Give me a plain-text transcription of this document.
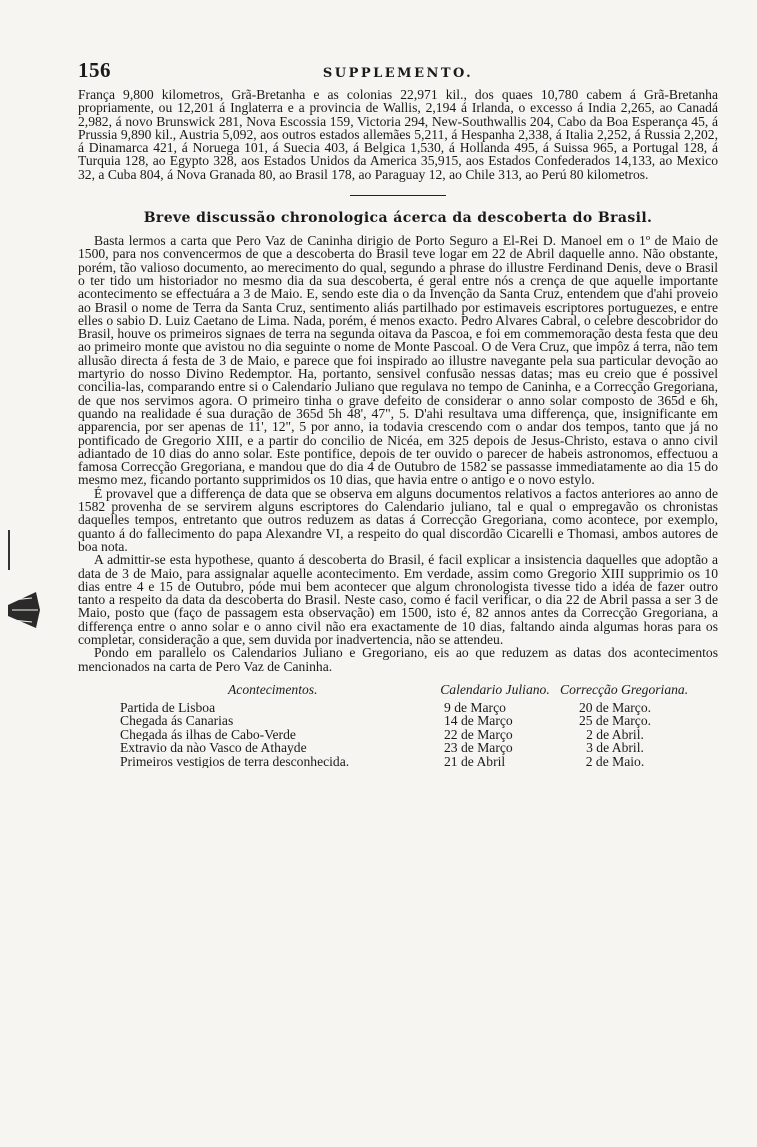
156	SUPPLEMENTO.

França 9,800 kilometros, Grã-Bretanha e as colonias 22,971 kil., dos quaes 10,780 cabem á Grã-Bretanha propriamente, ou 12,201 á Inglaterra e a provincia de Wallis, 2,194 á Irlanda, o excesso á India 2,265, ao Canadá 2,982, á novo Brunswick 281, Nova Escossia 159, Victoria 294, New-Southwallis 204, Cabo da Boa Esperança 45, á Prussia 9,890 kil., Austria 5,092, aos outros estados allemães 5,211, á Hespanha 2,338, á Italia 2,252, á Russia 2,202, á Dinamarca 421, á Noruega 101, á Suecia 403, á Belgica 1,530, á Hollanda 495, á Suissa 965, a Portugal 128, á Turquia 128, ao Egypto 328, aos Estados Unidos da America 35,915, aos Estados Confederados 14,133, ao Mexico 32, a Cuba 804, á Nova Granada 80, ao Brasil 178, ao Paraguay 12, ao Chile 313, ao Perú 80 kilometros.

Breve discussão chronologica ácerca da descoberta do Brasil.

Basta lermos a carta que Pero Vaz de Caninha dirigio de Porto Seguro a El-Rei D. Manoel em o 1º de Maio de 1500, para nos convencermos de que a descoberta do Brasil teve logar em 22 de Abril daquelle anno. Não obstante, porém, tão valioso documento, ao merecimento do qual, segundo a phrase do illustre Ferdinand Denis, deve o Brasil o ter tido um historiador no mesmo dia da sua descoberta, é geral entre nós a crença de que aquelle importante acontecimento se effectuára a 3 de Maio. E, sendo este dia o da Invenção da Santa Cruz, entendem que d'ahi proveio ao Brasil o nome de Terra da Santa Cruz, sentimento aliás partilhado por estimaveis escriptores portuguezes, e entre elles o sabio D. Luiz Caetano de Lima. Nada, porém, é menos exacto. Pedro Alvares Cabral, o celebre descobridor do Brasil, houve os primeiros signaes de terra na segunda oitava da Pascoa, e foi em commemoração desta festa que deu ao primeiro monte que avistou no dia seguinte o nome de Monte Pascoal. O de Vera Cruz, que impôz á terra, não tem allusão directa á festa de 3 de Maio, e parece que foi inspirado ao illustre navegante pela sua particular devoção ao martyrio do nosso Divino Redemptor. Ha, portanto, sensivel confusão nessas datas; mas eu creio que é possivel concilia-las, comparando entre si o Calendario Juliano que regulava no tempo de Caninha, e a Correcção Gregoriana, de que nos servimos agora. O primeiro tinha o grave defeito de considerar o anno solar composto de 365d e 6h, quando na realidade é sua duração de 365d 5h 48', 47", 5. D'ahi resultava uma differença, que, insignificante em apparencia, por ser apenas de 11', 12", 5 por anno, ia todavia crescendo com o andar dos tempos, tanto que já no pontificado de Gregorio XIII, e a partir do concilio de Nicéa, em 325 depois de Jesus-Christo, estava o anno civil adiantado de 10 dias do anno solar. Este pontifice, depois de ter ouvido o parecer de habeis astronomos, effectuou a famosa Correcção Gregoriana, e mandou que do dia 4 de Outubro de 1582 se passasse immediatamente ao dia 15 do mesmo mez, ficando portanto supprimidos os 10 dias, que havia entre o antigo e o novo estylo.

É provavel que a differença de data que se observa em alguns documentos relativos a factos anteriores ao anno de 1582 provenha de se servirem alguns escriptores do Calendario juliano, tal e qual o empregavão os chronistas daquelles tempos, entretanto que outros reduzem as datas á Correcção Gregoriana, como acontece, por exemplo, quanto á do fallecimento do papa Alexandre VI, a respeito do qual discordão Cicarelli e Thomasi, ambos autores de boa nota.

A admittir-se esta hypothese, quanto á descoberta do Brasil, é facil explicar a insistencia daquelles que adoptão a data de 3 de Maio, para assignalar aquelle acontecimento. Em verdade, assim como Gregorio XIII supprimio os 10 dias entre 4 e 15 de Outubro, póde mui bem acontecer que algum chronologista tivesse tido a idéa de fazer outro tanto a respeito da data da descoberta do Brasil. Neste caso, como é facil verificar, o dia 22 de Abril passa a ser 3 de Maio, posto que (faço de passagem esta observação) em 1500, isto é, 82 annos antes da Correcção Gregoriana, a differença entre o anno solar e o anno civil não era exactamente de 10 dias, faltando ainda algumas horas para os completar, consideração a que, sem duvida por inadvertencia, não se attendeu.

Pondo em parallelo os Calendarios Juliano e Gregoriano, eis ao que reduzem as datas dos acontecimentos mencionados na carta de Pero Vaz de Caninha.

Acontecimentos.	Calendario Juliano. Correcção Gregoriana.
Partida de Lisboa	9 de Março	20 de Março.
Chegada ás Canarias	14 de Março	25 de Março.
Chegada ás ilhas de Cabo-Verde	22 de Março	2 de Abril.
Extravio da nào Vasco de Athayde	23 de Março	3 de Abril.
Primeiros vestigios de terra desconhecida.	21 de Abril	2 de Maio.
